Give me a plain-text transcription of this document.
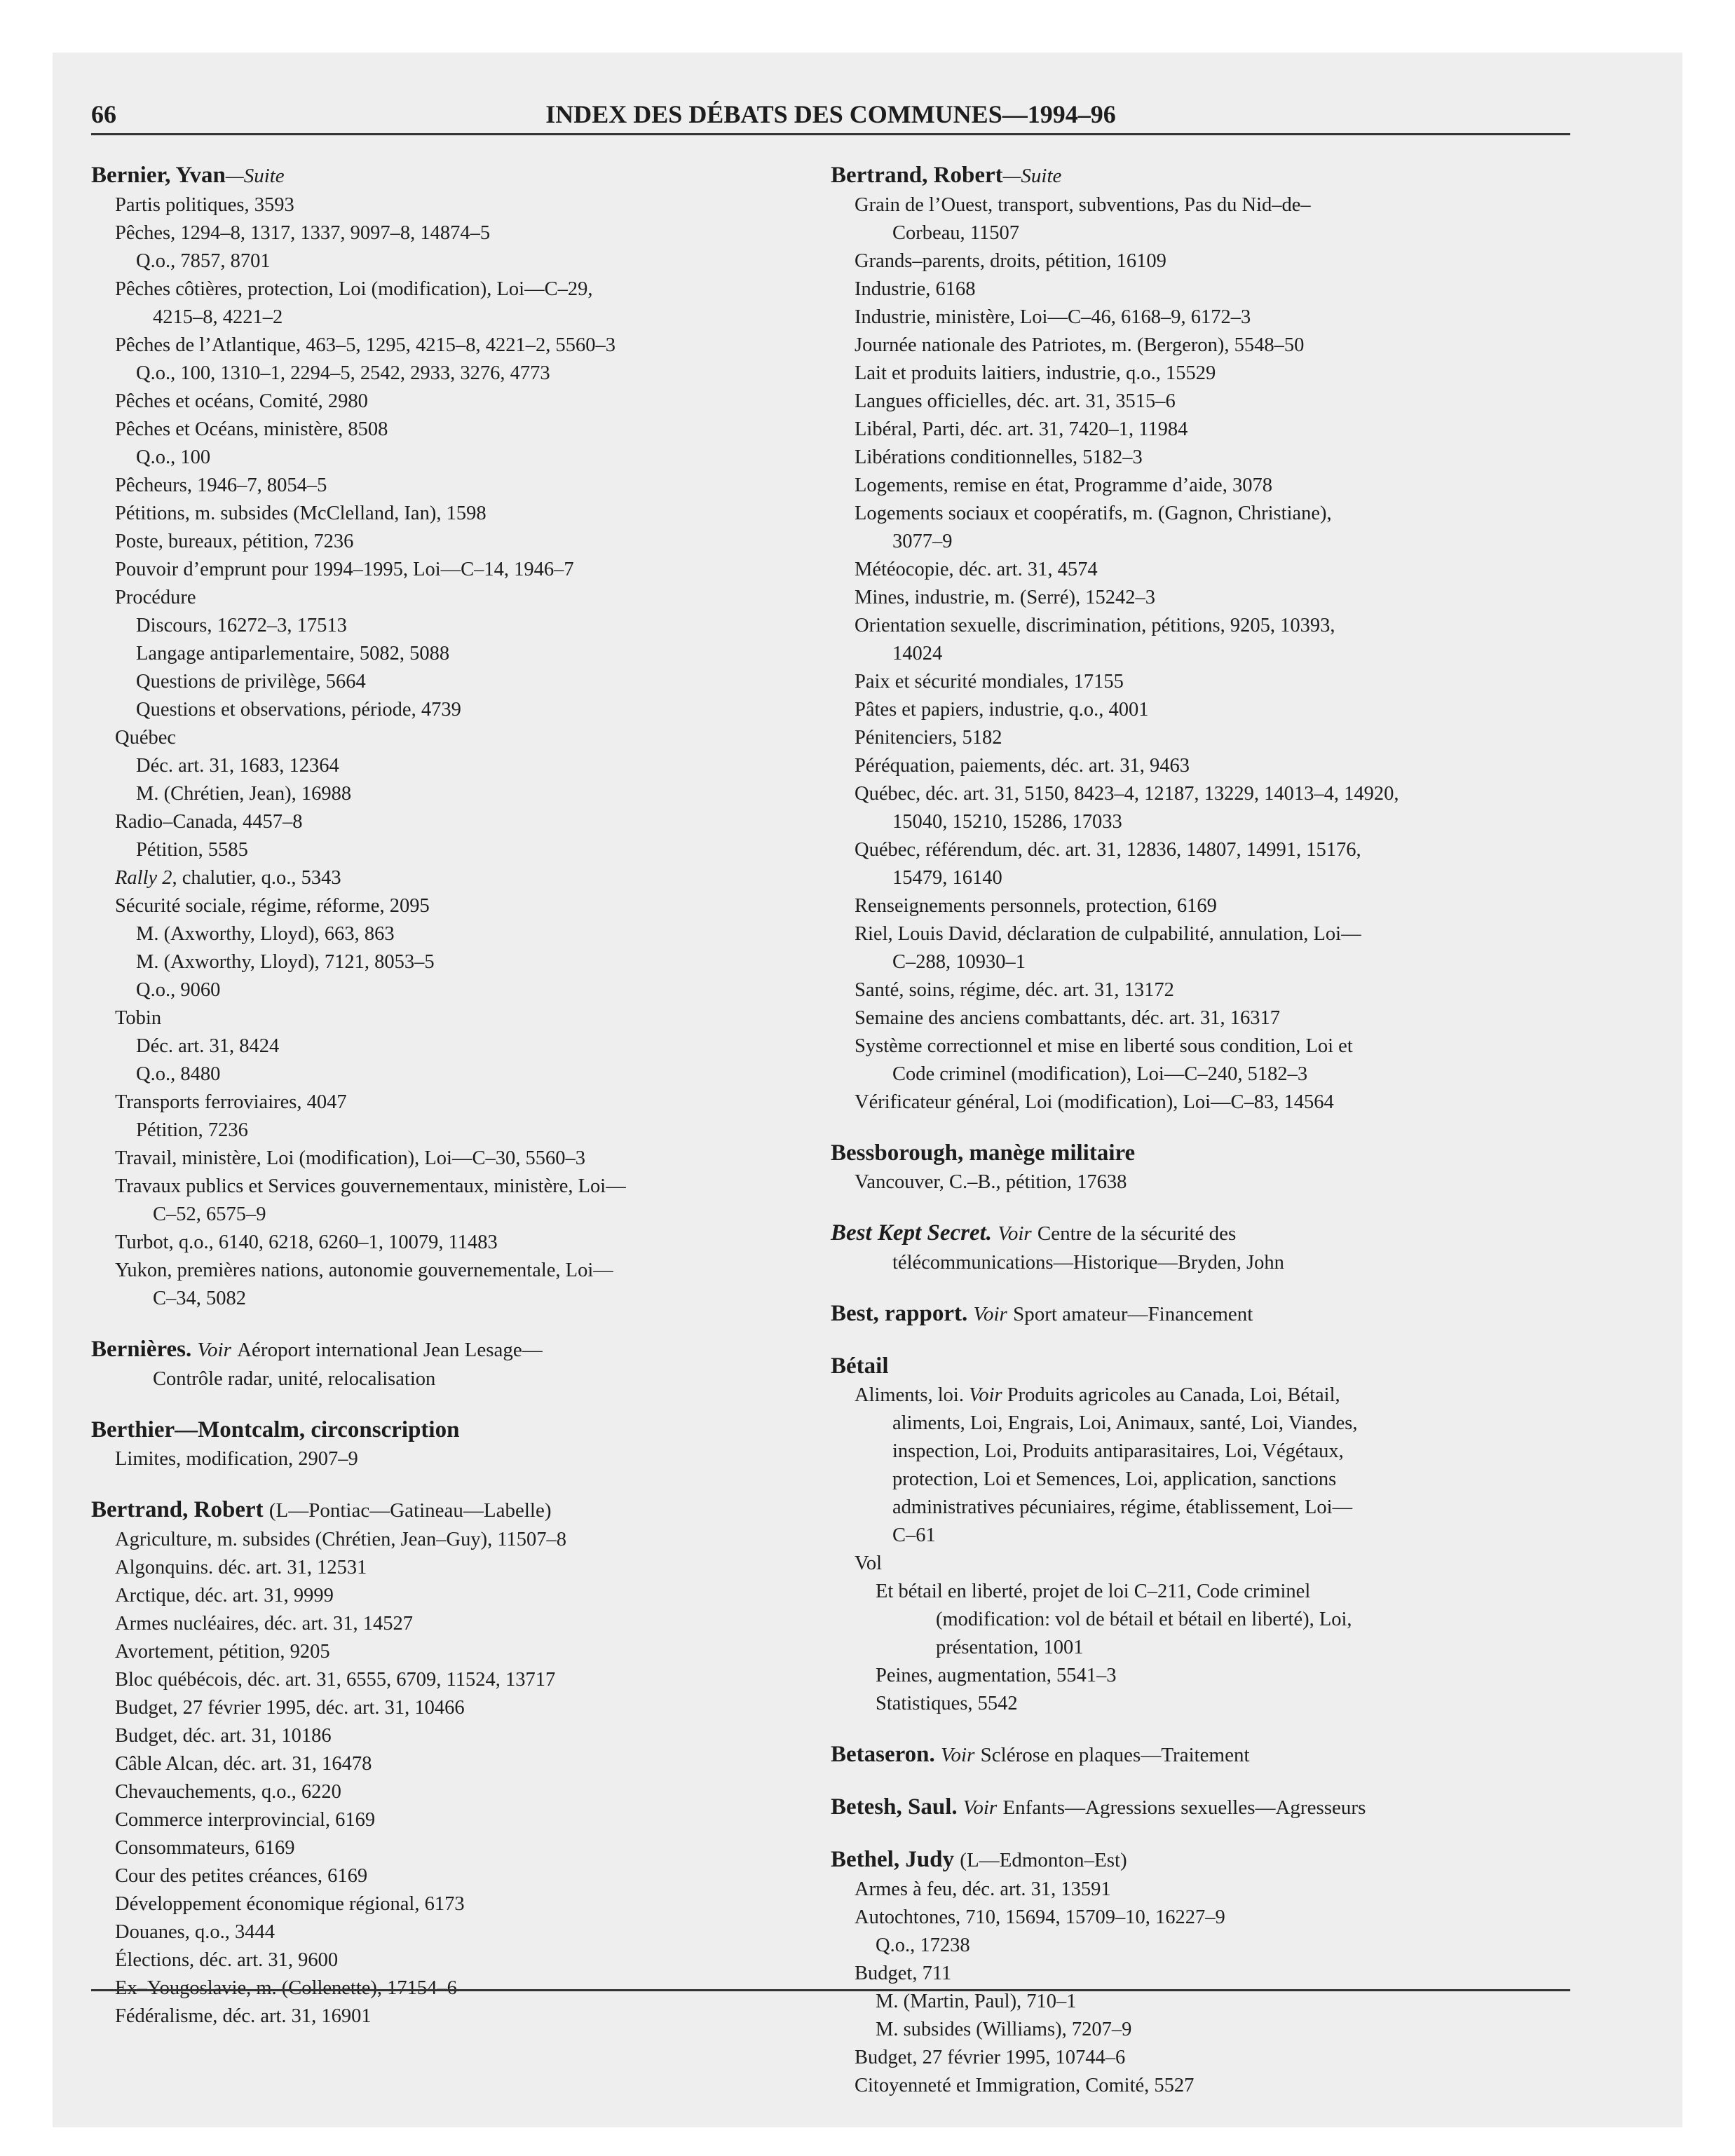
66	INDEX DES DÉBATS DES COMMUNES—1994–96
Bernier, Yvan—Suite
Partis politiques, 3593
Pêches, 1294–8, 1317, 1337, 9097–8, 14874–5
Q.o., 7857, 8701
Pêches côtières, protection, Loi (modification), Loi—C–29,
4215–8, 4221–2
Pêches de l’Atlantique, 463–5, 1295, 4215–8, 4221–2, 5560–3
Q.o., 100, 1310–1, 2294–5, 2542, 2933, 3276, 4773
Pêches et océans, Comité, 2980
Pêches et Océans, ministère, 8508
Q.o., 100
Pêcheurs, 1946–7, 8054–5
Pétitions, m. subsides (McClelland, Ian), 1598
Poste, bureaux, pétition, 7236
Pouvoir d’emprunt pour 1994–1995, Loi—C–14, 1946–7
Procédure
Discours, 16272–3, 17513
Langage antiparlementaire, 5082, 5088
Questions de privilège, 5664
Questions et observations, période, 4739
Québec
Déc. art. 31, 1683, 12364
M. (Chrétien, Jean), 16988
Radio–Canada, 4457–8
Pétition, 5585
Rally 2, chalutier, q.o., 5343
Sécurité sociale, régime, réforme, 2095
M. (Axworthy, Lloyd), 663, 863
M. (Axworthy, Lloyd), 7121, 8053–5
Q.o., 9060
Tobin
Déc. art. 31, 8424
Q.o., 8480
Transports ferroviaires, 4047
Pétition, 7236
Travail, ministère, Loi (modification), Loi—C–30, 5560–3
Travaux publics et Services gouvernementaux, ministère, Loi—
C–52, 6575–9
Turbot, q.o., 6140, 6218, 6260–1, 10079, 11483
Yukon, premières nations, autonomie gouvernementale, Loi—
C–34, 5082
Bernières. Voir Aéroport international Jean Lesage—
Contrôle radar, unité, relocalisation
Berthier—Montcalm, circonscription
Limites, modification, 2907–9
Bertrand, Robert (L—Pontiac—Gatineau—Labelle)
Agriculture, m. subsides (Chrétien, Jean–Guy), 11507–8
Algonquins. déc. art. 31, 12531
Arctique, déc. art. 31, 9999
Armes nucléaires, déc. art. 31, 14527
Avortement, pétition, 9205
Bloc québécois, déc. art. 31, 6555, 6709, 11524, 13717
Budget, 27 février 1995, déc. art. 31, 10466
Budget, déc. art. 31, 10186
Câble Alcan, déc. art. 31, 16478
Chevauchements, q.o., 6220
Commerce interprovincial, 6169
Consommateurs, 6169
Cour des petites créances, 6169
Développement économique régional, 6173
Douanes, q.o., 3444
Élections, déc. art. 31, 9600
Ex–Yougoslavie, m. (Collenette), 17154–6
Fédéralisme, déc. art. 31, 16901
Bertrand, Robert—Suite
Grain de l’Ouest, transport, subventions, Pas du Nid–de–
Corbeau, 11507
Grands–parents, droits, pétition, 16109
Industrie, 6168
Industrie, ministère, Loi—C–46, 6168–9, 6172–3
Journée nationale des Patriotes, m. (Bergeron), 5548–50
Lait et produits laitiers, industrie, q.o., 15529
Langues officielles, déc. art. 31, 3515–6
Libéral, Parti, déc. art. 31, 7420–1, 11984
Libérations conditionnelles, 5182–3
Logements, remise en état, Programme d’aide, 3078
Logements sociaux et coopératifs, m. (Gagnon, Christiane),
3077–9
Météocopie, déc. art. 31, 4574
Mines, industrie, m. (Serré), 15242–3
Orientation sexuelle, discrimination, pétitions, 9205, 10393,
14024
Paix et sécurité mondiales, 17155
Pâtes et papiers, industrie, q.o., 4001
Pénitenciers, 5182
Péréquation, paiements, déc. art. 31, 9463
Québec, déc. art. 31, 5150, 8423–4, 12187, 13229, 14013–4, 14920,
15040, 15210, 15286, 17033
Québec, référendum, déc. art. 31, 12836, 14807, 14991, 15176,
15479, 16140
Renseignements personnels, protection, 6169
Riel, Louis David, déclaration de culpabilité, annulation, Loi—
C–288, 10930–1
Santé, soins, régime, déc. art. 31, 13172
Semaine des anciens combattants, déc. art. 31, 16317
Système correctionnel et mise en liberté sous condition, Loi et
Code criminel (modification), Loi—C–240, 5182–3
Vérificateur général, Loi (modification), Loi—C–83, 14564
Bessborough, manège militaire
Vancouver, C.–B., pétition, 17638
Best Kept Secret. Voir Centre de la sécurité des
télécommunications—Historique—Bryden, John
Best, rapport. Voir Sport amateur—Financement
Bétail
Aliments, loi. Voir Produits agricoles au Canada, Loi, Bétail,
aliments, Loi, Engrais, Loi, Animaux, santé, Loi, Viandes,
inspection, Loi, Produits antiparasitaires, Loi, Végétaux,
protection, Loi et Semences, Loi, application, sanctions
administratives pécuniaires, régime, établissement, Loi—
C–61
Vol
Et bétail en liberté, projet de loi C–211, Code criminel
(modification: vol de bétail et bétail en liberté), Loi,
présentation, 1001
Peines, augmentation, 5541–3
Statistiques, 5542
Betaseron. Voir Sclérose en plaques—Traitement
Betesh, Saul. Voir Enfants—Agressions sexuelles—Agresseurs
Bethel, Judy (L—Edmonton–Est)
Armes à feu, déc. art. 31, 13591
Autochtones, 710, 15694, 15709–10, 16227–9
Q.o., 17238
Budget, 711
M. (Martin, Paul), 710–1
M. subsides (Williams), 7207–9
Budget, 27 février 1995, 10744–6
Citoyenneté et Immigration, Comité, 5527
